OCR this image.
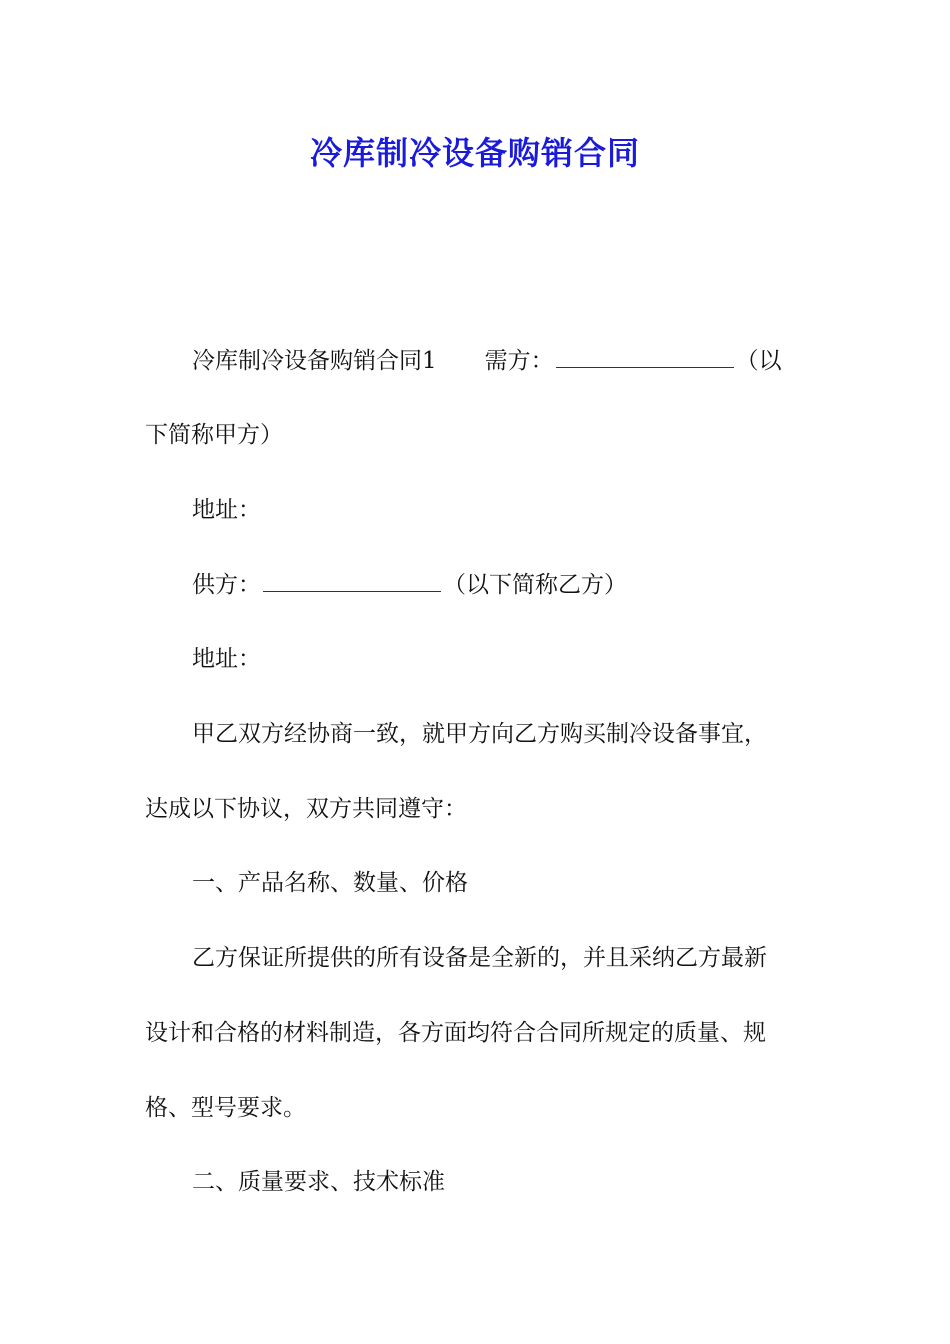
冷库制冷设备购销合同
冷库制冷设备购销合同1 需方：	（以
下简称甲方）
地址：
供方：	（以下简称乙方）
地址：
甲乙双方经协商一致，就甲方向乙方购买制冷设备事宜，
达成以下协议，双方共同遵守：
一、产品名称、数量、价格
乙方保证所提供的所有设备是全新的，并且采纳乙方最新
设计和合格的材料制造，各方面均符合合同所规定的质量、规
格、型号要求。
二、质量要求、技术标准
